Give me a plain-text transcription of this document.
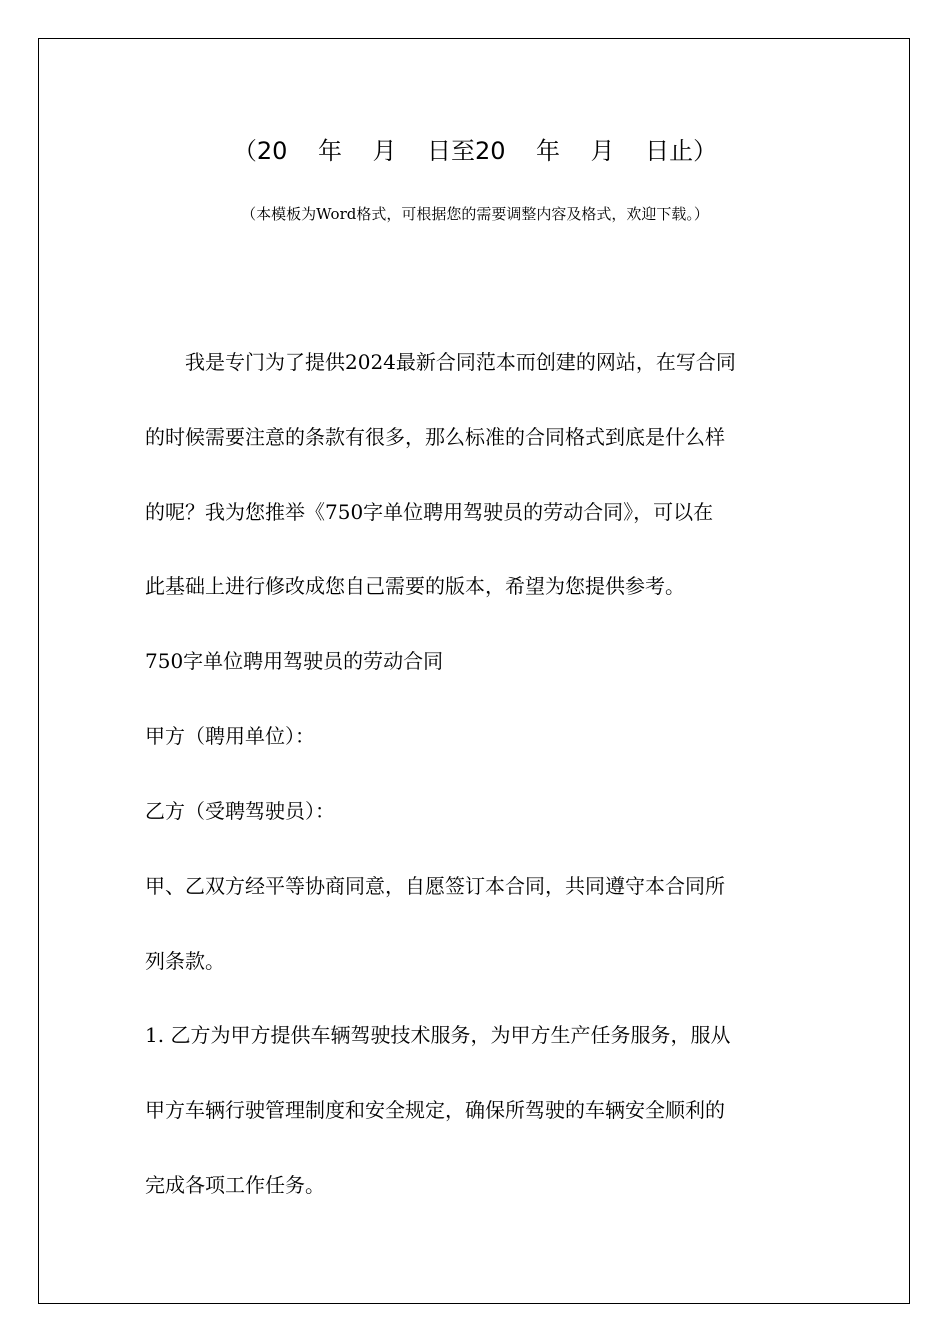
（20    年    月    日至20    年    月    日止）
（本模板为Word格式，可根据您的需要调整内容及格式，欢迎下载。）
　　我是专门为了提供2024最新合同范本而创建的网站，在写合同
的时候需要注意的条款有很多，那么标准的合同格式到底是什么样
的呢？我为您推举《750字单位聘用驾驶员的劳动合同》，可以在
此基础上进行修改成您自己需要的版本，希望为您提供参考。
750字单位聘用驾驶员的劳动合同
甲方（聘用单位）：
乙方（受聘驾驶员）：
甲、乙双方经平等协商同意，自愿签订本合同，共同遵守本合同所
列条款。
1. 乙方为甲方提供车辆驾驶技术服务，为甲方生产任务服务，服从
甲方车辆行驶管理制度和安全规定，确保所驾驶的车辆安全顺利的
完成各项工作任务。
